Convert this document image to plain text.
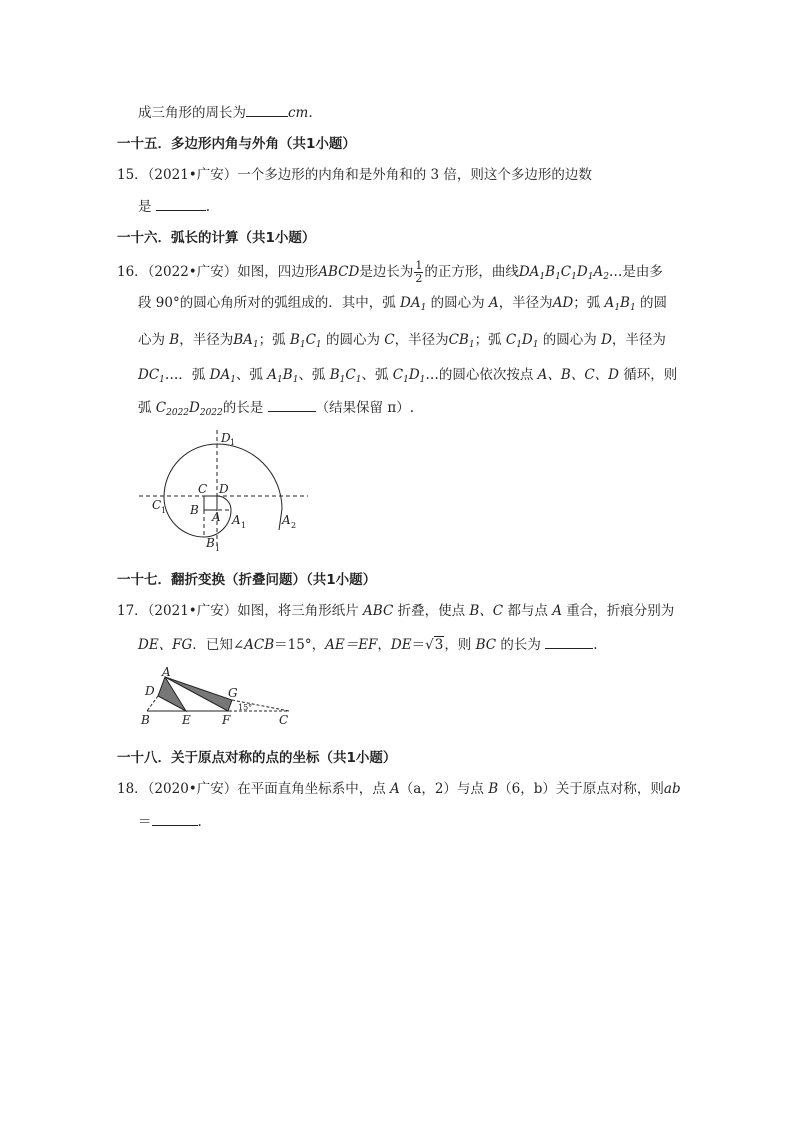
成三角形的周长为	cm.
一十五．多边形内角与外角（共1小题）
15．（2021•广安）一个多边形的内角和是外角和的 3 倍，则这个多边形的边数
是	.
一十六．弧长的计算（共1小题）
16．（2022•广安）如图，四边形ABCD是边长为 $\frac{1}{2}$ 的正方形，曲线$DA_1B_1C_1D_1A_2\dots$是由多
段 90°的圆心角所对的弧组成的．其中，弧 $DA_1$ 的圆心为 A，半径为AD；弧 $A_1B_1$ 的圆
心为 B，半径为$BA_1$；弧 $B_1C_1$ 的圆心为 C，半径为$CB_1$；弧 $C_1D_1$ 的圆心为 D，半径为
$DC_1\dots$．弧 $DA_1$、弧 $A_1B_1$、弧 $B_1C_1$、弧 $C_1D_1\dots$的圆心依次按点 A、B、C、D 循环，则
弧 $C_{2022}D_{2022}$的长是	（结果保留 π）.
D 1
C D
C 1 B A A 1	A 2
B 1
一十七．翻折变换（折叠问题）（共1小题）
17．（2021•广安）如图，将三角形纸片 ABC 折叠，使点 B、C 都与点 A 重合，折痕分别为
DE、FG．已知∠ACB＝15°，AE＝EF，DE＝√3，则 BC 的长为	.
A
D	G
B	E	F	C
15°
一十八．关于原点对称的点的坐标（共1小题）
18．（2020•广安）在平面直角坐标系中，点 A（a，2）与点 B（6，b）关于原点对称，则ab
＝	.
